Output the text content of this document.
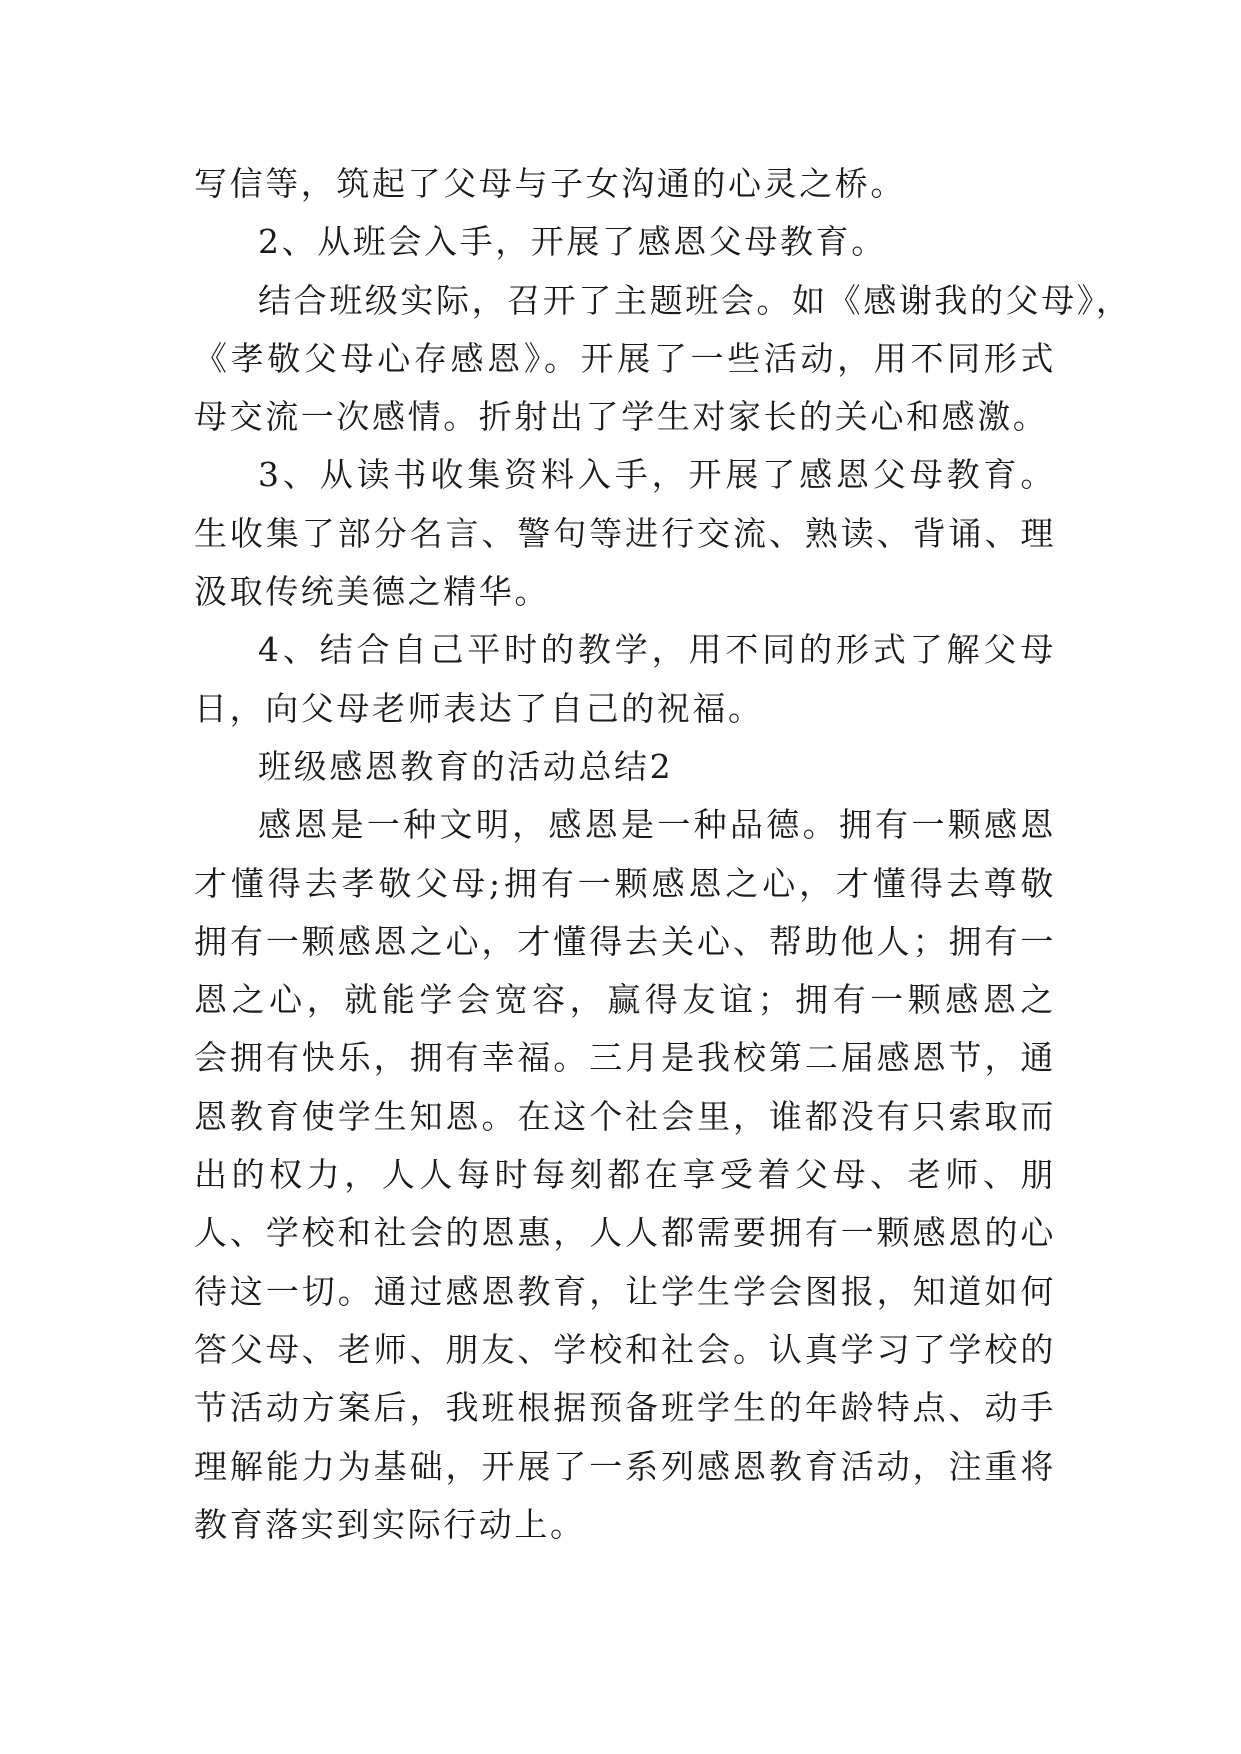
写信等，筑起了父母与子女沟通的心灵之桥。
2、从班会入手，开展了感恩父母教育。
结合班级实际，召开了主题班会。如《感谢我的父母》，
《孝敬父母心存感恩》。开展了一些活动，用不同形式
母交流一次感情。折射出了学生对家长的关心和感激。
3、从读书收集资料入手，开展了感恩父母教育。
生收集了部分名言、警句等进行交流、熟读、背诵、理
汲取传统美德之精华。
4、结合自己平时的教学，用不同的形式了解父母
日，向父母老师表达了自己的祝福。
班级感恩教育的活动总结2
感恩是一种文明，感恩是一种品德。拥有一颗感恩
才懂得去孝敬父母;拥有一颗感恩之心，才懂得去尊敬
拥有一颗感恩之心，才懂得去关心、帮助他人；拥有一
恩之心，就能学会宽容，赢得友谊；拥有一颗感恩之
会拥有快乐，拥有幸福。三月是我校第二届感恩节，通
恩教育使学生知恩。在这个社会里，谁都没有只索取而
出的权力，人人每时每刻都在享受着父母、老师、朋
人、学校和社会的恩惠，人人都需要拥有一颗感恩的心
待这一切。通过感恩教育，让学生学会图报，知道如何
答父母、老师、朋友、学校和社会。认真学习了学校的
节活动方案后，我班根据预备班学生的年龄特点、动手
理解能力为基础，开展了一系列感恩教育活动，注重将
教育落实到实际行动上。
